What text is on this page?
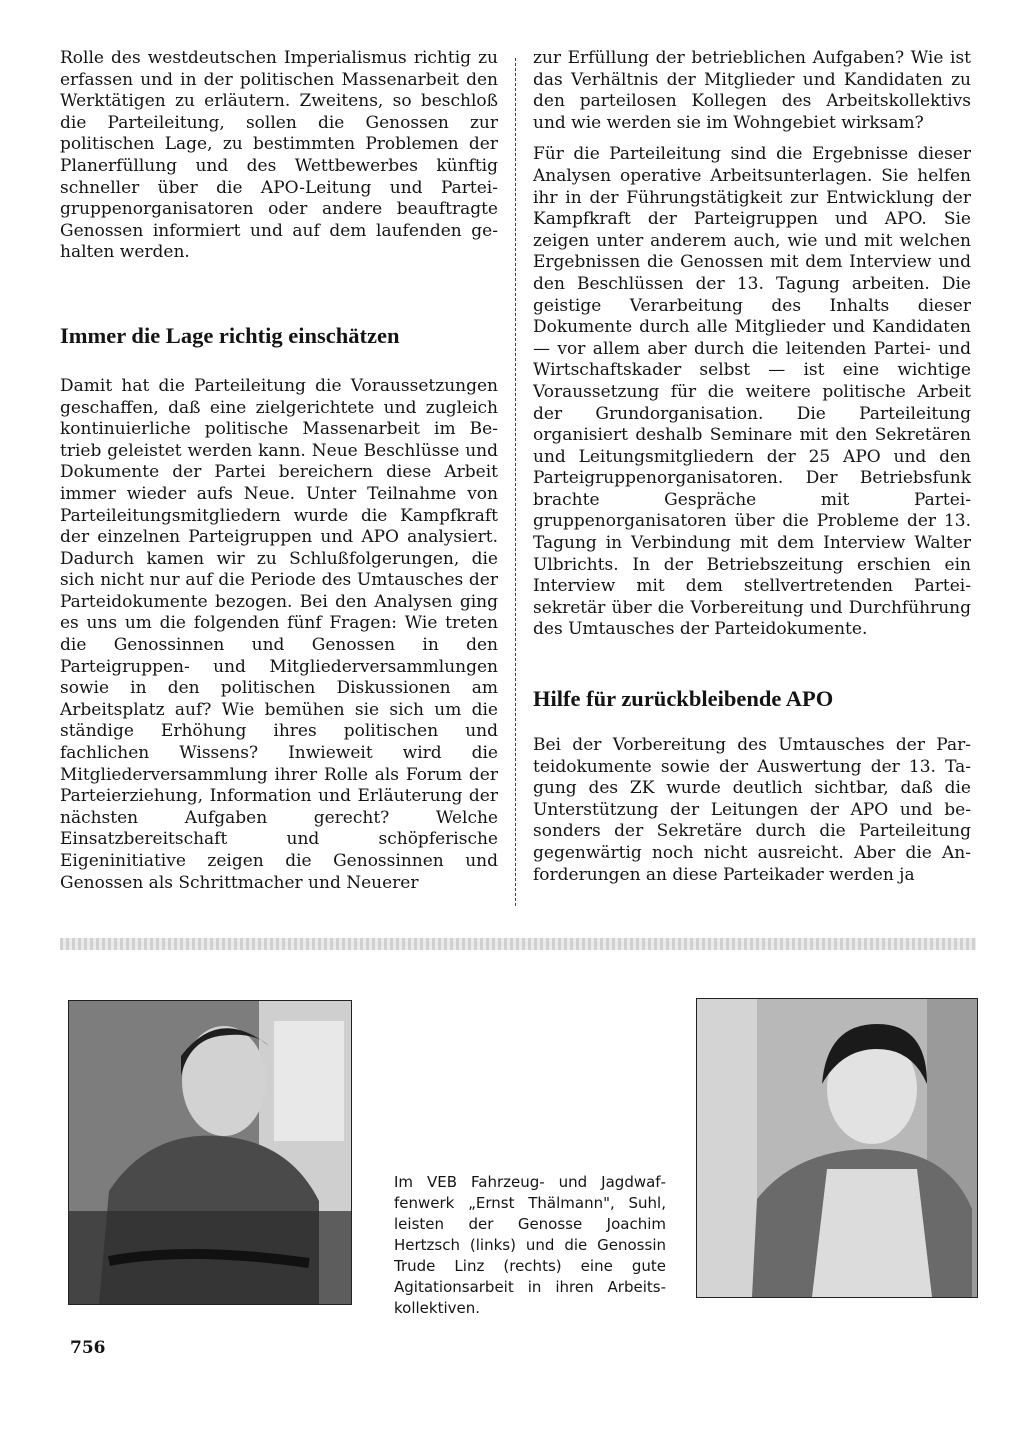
Rolle des westdeutschen Imperialismus richtig zu erfassen und in der politischen Massenarbeit den Werktätigen zu erläutern. Zweitens, so beschloß die Parteileitung, sollen die Genossen zur politischen Lage, zu bestimmten Problemen der Planerfüllung und des Wettbewerbes künftig schneller über die APO-Leitung und Parteigruppenorganisatoren oder andere beauftragte Genossen informiert und auf dem laufenden gehalten werden.

Immer die Lage richtig einschätzen

Damit hat die Parteileitung die Voraussetzungen geschaffen, daß eine zielgerichtete und zugleich kontinuierliche politische Massenarbeit im Betrieb geleistet werden kann. Neue Beschlüsse und Dokumente der Partei bereichern diese Arbeit immer wieder aufs Neue. Unter Teilnahme von Parteileitungsmitgliedern wurde die Kampfkraft der einzelnen Parteigruppen und APO analysiert. Dadurch kamen wir zu Schlußfolgerungen, die sich nicht nur auf die Periode des Umtausches der Parteidokumente bezogen. Bei den Analysen ging es uns um die folgenden fünf Fragen: Wie treten die Genossinnen und Genossen in den Parteigruppen- und Mitgliederversammlungen sowie in den politischen Diskussionen am Arbeitsplatz auf? Wie bemühen sie sich um die ständige Erhöhung ihres politischen und fachlichen Wissens? Inwieweit wird die Mitgliederversammlung ihrer Rolle als Forum der Parteierziehung, Information und Erläuterung der nächsten Aufgaben gerecht? Welche Einsatzbereitschaft und schöpferische Eigeninitiative zeigen die Genossinnen und Genossen als Schrittmacher und Neuerer

zur Erfüllung der betrieblichen Aufgaben? Wie ist das Verhältnis der Mitglieder und Kandidaten zu den parteilosen Kollegen des Arbeitskollektivs und wie werden sie im Wohngebiet wirksam?

Für die Parteileitung sind die Ergebnisse dieser Analysen operative Arbeitsunterlagen. Sie helfen ihr in der Führungstätigkeit zur Entwicklung der Kampfkraft der Parteigruppen und APO. Sie zeigen unter anderem auch, wie und mit welchen Ergebnissen die Genossen mit dem Interview und den Beschlüssen der 13. Tagung arbeiten. Die geistige Verarbeitung des Inhalts dieser Dokumente durch alle Mitglieder und Kandidaten — vor allem aber durch die leitenden Partei- und Wirtschaftskader selbst — ist eine wichtige Voraussetzung für die weitere politische Arbeit der Grundorganisation. Die Parteileitung organisiert deshalb Seminare mit den Sekretären und Leitungsmitgliedern der 25 APO und den Parteigruppenorganisatoren. Der Betriebsfunk brachte Gespräche mit Parteigruppenorganisatoren über die Probleme der 13. Tagung in Verbindung mit dem Interview Walter Ulbrichts. In der Betriebszeitung erschien ein Interview mit dem stellvertretenden Parteisekretär über die Vorbereitung und Durchführung des Umtausches der Parteidokumente.

Hilfe für zurückbleibende APO

Bei der Vorbereitung des Umtausches der Parteidokumente sowie der Auswertung der 13. Tagung des ZK wurde deutlich sichtbar, daß die Unterstützung der Leitungen der APO und besonders der Sekretäre durch die Parteileitung gegenwärtig noch nicht ausreicht. Aber die Anforderungen an diese Parteikader werden ja

Im VEB Fahrzeug- und Jagdwaffenwerk „Ernst Thälmann", Suhl, leisten der Genosse Joachim Hertzsch (links) und die Genossin Trude Linz (rechts) eine gute Agitationsarbeit in ihren Arbeitskollektiven.
756
